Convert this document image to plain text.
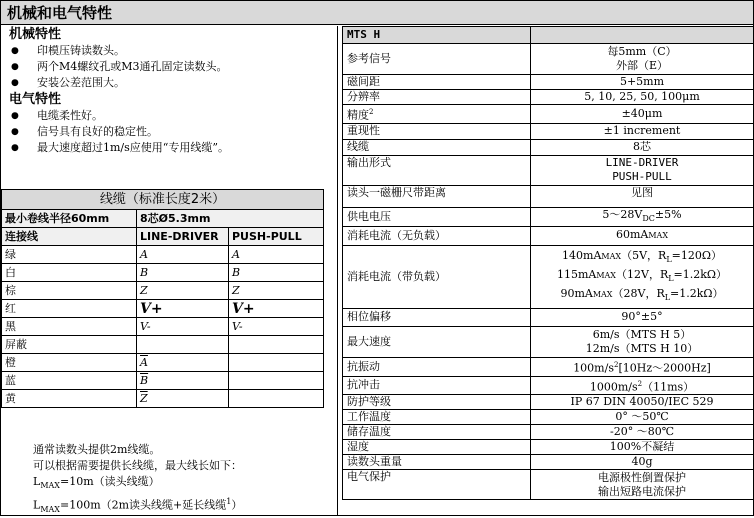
机械和电气特性
机械特性
● 印模压铸读数头。
● 两个M4螺纹孔或M3通孔固定读数头。
● 安装公差范围大。
电气特性
● 电缆柔性好。
● 信号具有良好的稳定性。
● 最大速度超过1m/s应使用“专用线缆”。
线缆（标准长度2米）		
最小卷线半径60mm	8芯Ø5.3mm	
连接线	LINE-DRIVER	PUSH-PULL
绿	A	A
白	B	B
棕	Z	Z
红	V+	V+
黑	V-	V-
屏蔽		
橙	$\overline{A}$	
蓝	$\overline{B}$	
黄	$\overline{Z}$	
通常读数头提供2m线缆。
可以根据需要提供长线缆，最大线长如下：
$L_{MAX}=10m$（读头线缆）
$L_{MAX}=100m(2m$读头线缆+延长线缆$^1$）
MTS H	
参考信号	每5mm（C）
外部（E）

磁间距	5+5mm
分辨率	5, 10, 25, 50, 100μm
精度$^2$	±40μm
重现性	±1 increment
线缆	8芯
输出形式	LINE-DRIVER
PUSH-PULL

读头一磁栅尺带距离	见图
供电电压	$5\sim 28V_{DC}\pm 5\%$
消耗电流（无负载）	60mAMAX
消耗电流（带负载）	140mAMAX（5V，$R_L=120\Omega$）
115mAMAX（12V，$R_L=1.2k\Omega$）
90mAMAX（28V，$R_L=1.2k\Omega$）

相位偏移	90°±5°
最大速度	6m/s（MTS H 5）
12m/s（MTS H 10）

抗振动	$100m/s^2[10Hz\sim 2000Hz]$
抗冲击	$1000m/s^2(11ms)$
防护等级	IP 67 DIN 40050/IEC 529
工作温度	0° ～50℃
储存温度	-20° ～80℃
湿度	100%不凝结
读数头重量	40g
电气保护	电源极性倒置保护
输出短路电流保护
